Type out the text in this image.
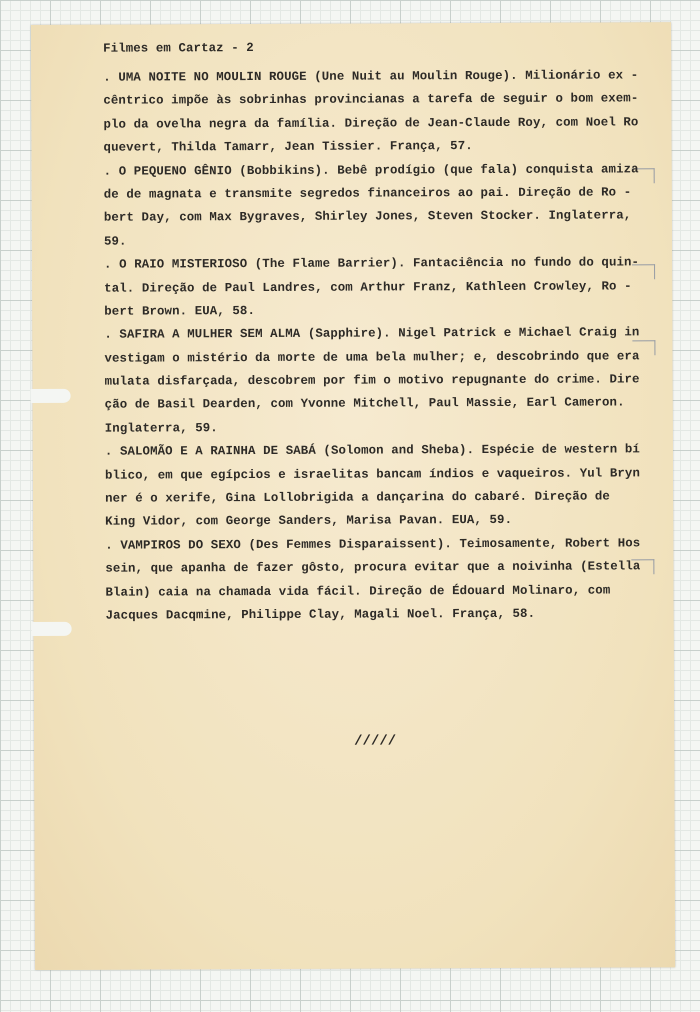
Filmes em Cartaz - 2
. UMA NOITE NO MOULIN ROUGE (Une Nuit au Moulin Rouge). Milionário ex -
cêntrico impõe às sobrinhas provincianas a tarefa de seguir o bom exem-
plo da ovelha negra da família. Direção de Jean-Claude Roy, com Noel Ro
quevert, Thilda Tamarr, Jean Tissier. França, 57.
. O PEQUENO GÊNIO (Bobbikins). Bebê prodígio (que fala) conquista amiza
de de magnata e transmite segredos financeiros ao pai. Direção de Ro -
bert Day, com Max Bygraves, Shirley Jones, Steven Stocker. Inglaterra,
59.
. O RAIO MISTERIOSO (The Flame Barrier). Fantaciência no fundo do quin-
tal. Direção de Paul Landres, com Arthur Franz, Kathleen Crowley, Ro -
bert Brown. EUA, 58.
. SAFIRA A MULHER SEM ALMA (Sapphire). Nigel Patrick e Michael Craig in
vestigam o mistério da morte de uma bela mulher; e, descobrindo que era
mulata disfarçada, descobrem por fim o motivo repugnante do crime. Dire
ção de Basil Dearden, com Yvonne Mitchell, Paul Massie, Earl Cameron.
Inglaterra, 59.
. SALOMÃO E A RAINHA DE SABÁ (Solomon and Sheba). Espécie de western bí
blico, em que egípcios e israelitas bancam índios e vaqueiros. Yul Bryn
ner é o xerife, Gina Lollobrigida a dançarina do cabaré. Direção de
King Vidor, com George Sanders, Marisa Pavan. EUA, 59.
. VAMPIROS DO SEXO (Des Femmes Disparaissent). Teimosamente, Robert Hos
sein, que apanha de fazer gôsto, procura evitar que a noivinha (Estella
Blain) caia na chamada vida fácil. Direção de Édouard Molinaro, com
Jacques Dacqmine, Philippe Clay, Magali Noel. França, 58.
/////
